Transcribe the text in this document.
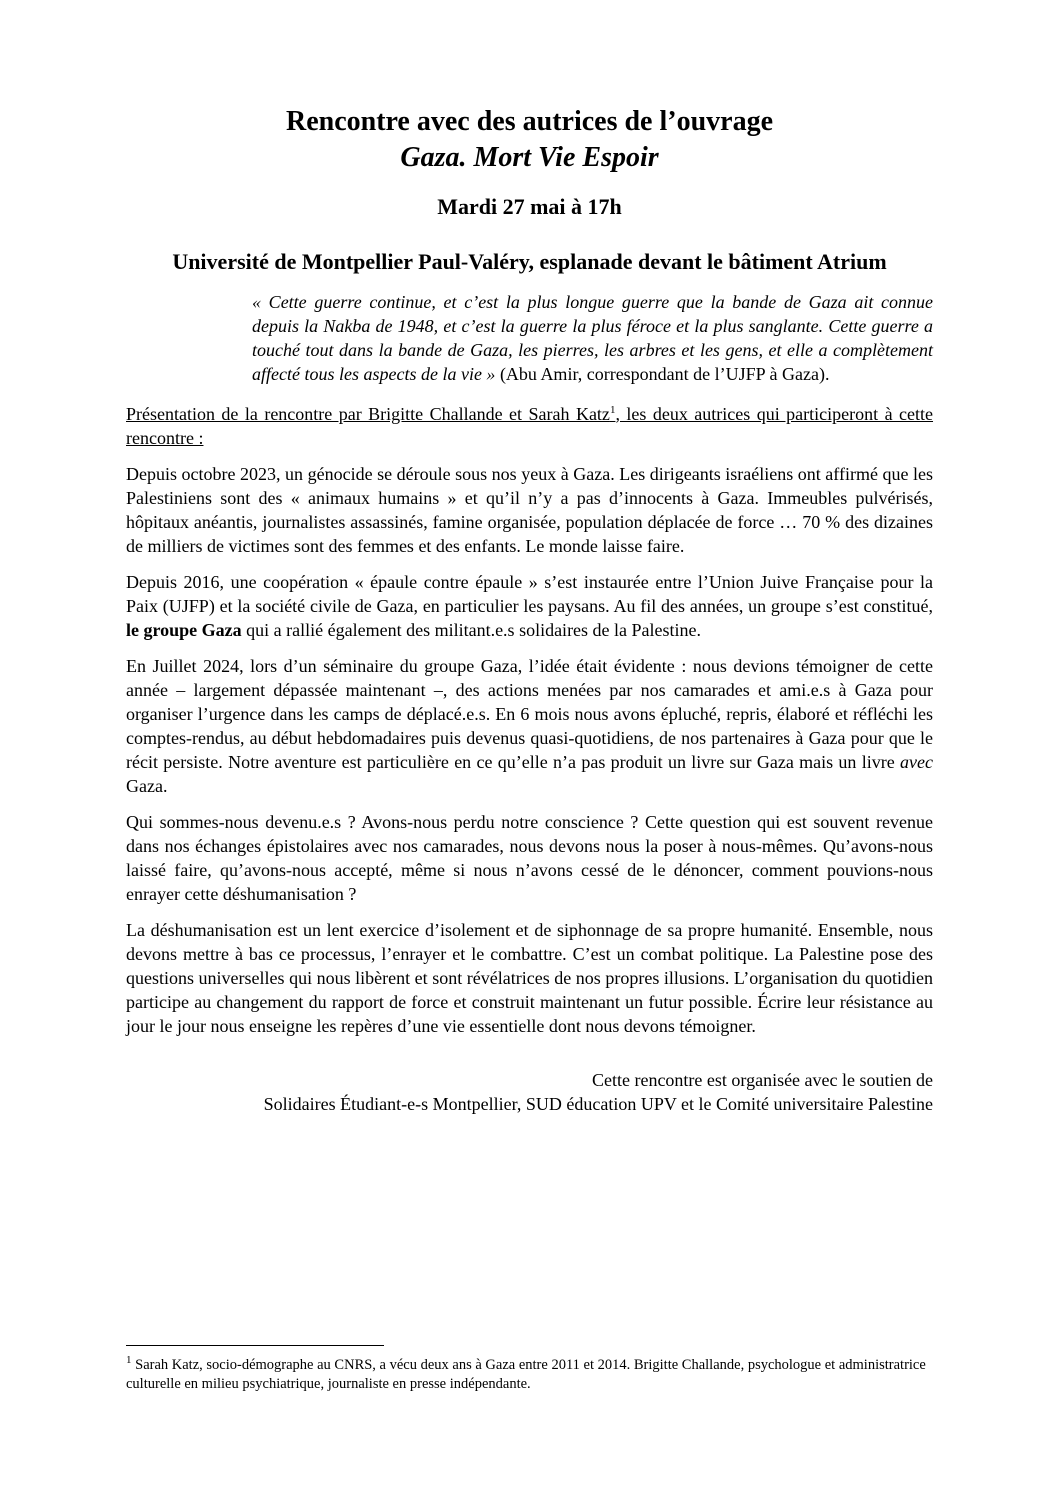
Rencontre avec des autrices de l’ouvrage
Gaza. Mort Vie Espoir
Mardi 27 mai à 17h
Université de Montpellier Paul-Valéry, esplanade devant le bâtiment Atrium
« Cette guerre continue, et c’est la plus longue guerre que la bande de Gaza ait connue depuis la Nakba de 1948, et c’est la guerre la plus féroce et la plus sanglante. Cette guerre a touché tout dans la bande de Gaza, les pierres, les arbres et les gens, et elle a complètement affecté tous les aspects de la vie » (Abu Amir, correspondant de l’UJFP à Gaza).
Présentation de la rencontre par Brigitte Challande et Sarah Katz$^1$, les deux autrices qui participeront à cette rencontre :

Depuis octobre 2023, un génocide se déroule sous nos yeux à Gaza. Les dirigeants israéliens ont affirmé que les Palestiniens sont des « animaux humains » et qu’il n’y a pas d’innocents à Gaza. Immeubles pulvérisés, hôpitaux anéantis, journalistes assassinés, famine organisée, population déplacée de force … 70 % des dizaines de milliers de victimes sont des femmes et des enfants. Le monde laisse faire.

Depuis 2016, une coopération « épaule contre épaule » s’est instaurée entre l’Union Juive Française pour la Paix (UJFP) et la société civile de Gaza, en particulier les paysans. Au fil des années, un groupe s’est constitué, le groupe Gaza qui a rallié également des militant.e.s solidaires de la Palestine.

En Juillet 2024, lors d’un séminaire du groupe Gaza, l’idée était évidente : nous devions témoigner de cette année – largement dépassée maintenant –, des actions menées par nos camarades et ami.e.s à Gaza pour organiser l’urgence dans les camps de déplacé.e.s. En 6 mois nous avons épluché, repris, élaboré et réfléchi les comptes-rendus, au début hebdomadaires puis devenus quasi-quotidiens, de nos partenaires à Gaza pour que le récit persiste. Notre aventure est particulière en ce qu’elle n’a pas produit un livre sur Gaza mais un livre avec Gaza.

Qui sommes-nous devenu.e.s ? Avons-nous perdu notre conscience ? Cette question qui est souvent revenue dans nos échanges épistolaires avec nos camarades, nous devons nous la poser à nous-mêmes. Qu’avons-nous laissé faire, qu’avons-nous accepté, même si nous n’avons cessé de le dénoncer, comment pouvions-nous enrayer cette déshumanisation ?

La déshumanisation est un lent exercice d’isolement et de siphonnage de sa propre humanité. Ensemble, nous devons mettre à bas ce processus, l’enrayer et le combattre. C’est un combat politique. La Palestine pose des questions universelles qui nous libèrent et sont révélatrices de nos propres illusions. L’organisation du quotidien participe au changement du rapport de force et construit maintenant un futur possible. Écrire leur résistance au jour le jour nous enseigne les repères d’une vie essentielle dont nous devons témoigner.

Cette rencontre est organisée avec le soutien de
Solidaires Étudiant-e-s Montpellier, SUD éducation UPV et le Comité universitaire Palestine
$^1$ Sarah Katz, socio-démographe au CNRS, a vécu deux ans à Gaza entre 2011 et 2014. Brigitte Challande, psychologue et administratrice culturelle en milieu psychiatrique, journaliste en presse indépendante.
